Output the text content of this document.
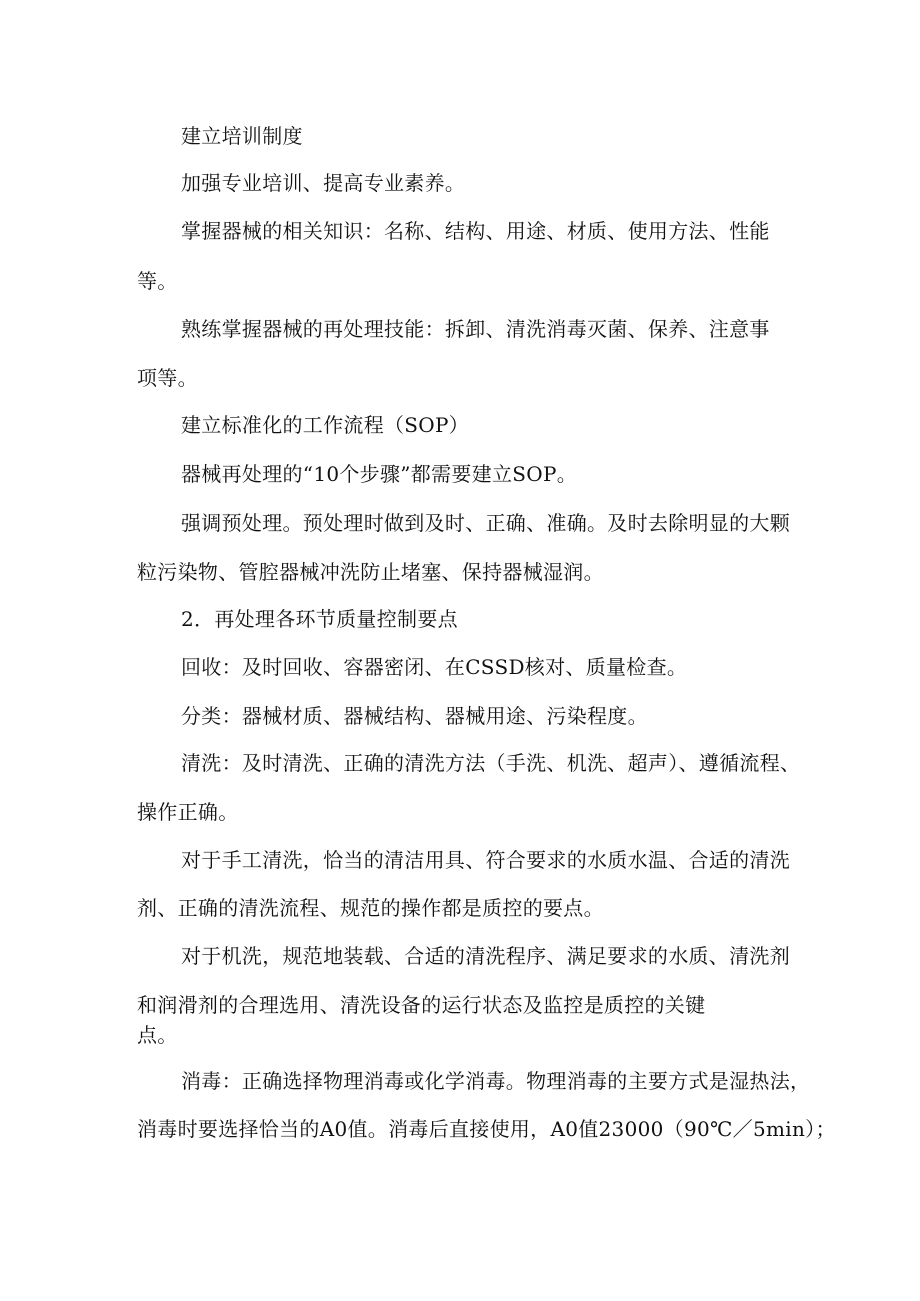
建立培训制度
加强专业培训、提高专业素养。
掌握器械的相关知识：名称、结构、用途、材质、使用方法、性能
等。
熟练掌握器械的再处理技能：拆卸、清洗消毒灭菌、保养、注意事
项等。
建立标准化的工作流程（SOP）
器械再处理的“10个步骤”都需要建立SOP。
强调预处理。预处理时做到及时、正确、准确。及时去除明显的大颗
粒污染物、管腔器械冲洗防止堵塞、保持器械湿润。
2．再处理各环节质量控制要点
回收：及时回收、容器密闭、在CSSD核对、质量检查。
分类：器械材质、器械结构、器械用途、污染程度。
清洗：及时清洗、正确的清洗方法（手洗、机洗、超声）、遵循流程、
操作正确。
对于手工清洗，恰当的清洁用具、符合要求的水质水温、合适的清洗
剂、正确的清洗流程、规范的操作都是质控的要点。
对于机洗，规范地装载、合适的清洗程序、满足要求的水质、清洗剂
和润滑剂的合理选用、清洗设备的运行状态及监控是质控的关键
点。
消毒：正确选择物理消毒或化学消毒。物理消毒的主要方式是湿热法，
消毒时要选择恰当的A0值。消毒后直接使用，A0值23000（90℃／5min）；
